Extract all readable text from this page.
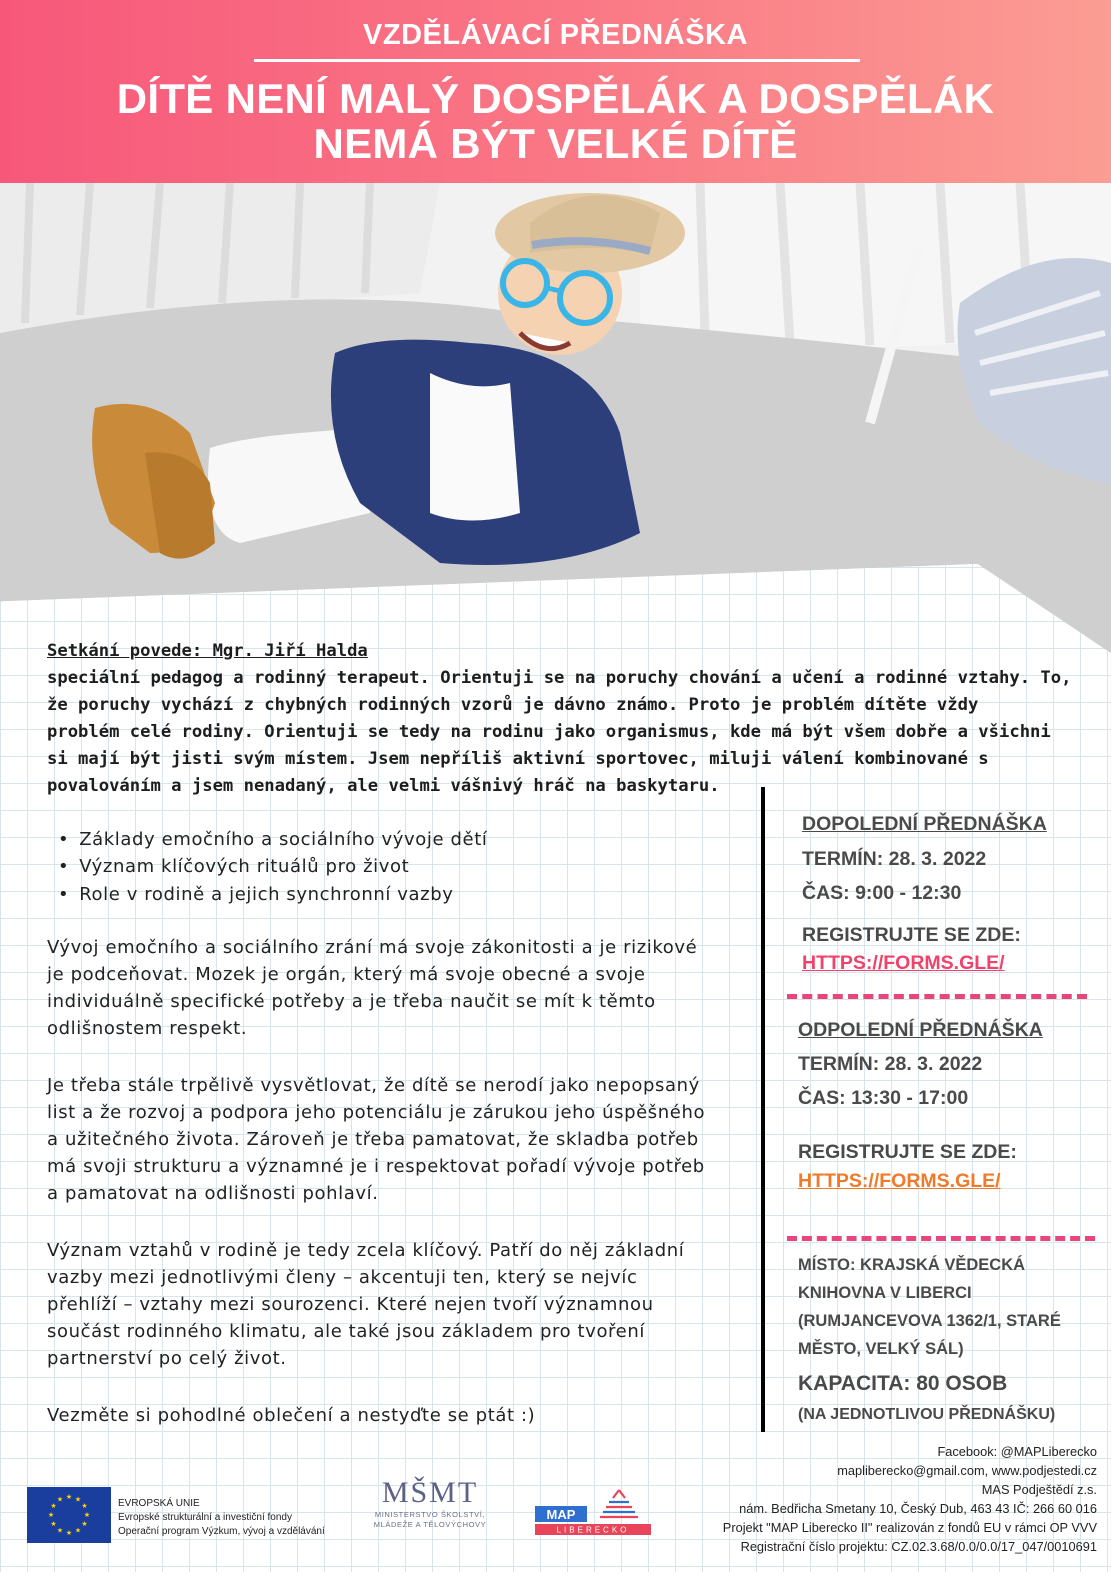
VZDĚLÁVACÍ PŘEDNÁŠKA
DÍTĚ NENÍ MALÝ DOSPĚLÁK A DOSPĚLÁK
NEMÁ BÝT VELKÉ DÍTĚ
Setkání povede: Mgr. Jiří Halda
speciální pedagog a rodinný terapeut. Orientuji se na poruchy chování a učení a rodinné vztahy. To,
že poruchy vychází z chybných rodinných vzorů je dávno známo. Proto je problém dítěte vždy
problém celé rodiny. Orientuji se tedy na rodinu jako organismus, kde má být všem dobře a všichni
si mají být jisti svým místem. Jsem nepříliš aktivní sportovec, miluji válení kombinované s
povalováním a jsem nenadaný, ale velmi vášnivý hráč na baskytaru.
• Základy emočního a sociálního vývoje dětí
• Význam klíčových rituálů pro život
• Role v rodině a jejich synchronní vazby
Vývoj emočního a sociálního zrání má svoje zákonitosti a je rizikové
je podceňovat. Mozek je orgán, který má svoje obecné a svoje
individuálně specifické potřeby a je třeba naučit se mít k těmto
odlišnostem respekt.
Je třeba stále trpělivě vysvětlovat, že dítě se nerodí jako nepopsaný
list a že rozvoj a podpora jeho potenciálu je zárukou jeho úspěšného
a užitečného života. Zároveň je třeba pamatovat, že skladba potřeb
má svoji strukturu a významné je i respektovat pořadí vývoje potřeb
a pamatovat na odlišnosti pohlaví.
Význam vztahů v rodině je tedy zcela klíčový. Patří do něj základní
vazby mezi jednotlivými členy – akcentuji ten, který se nejvíc
přehlíží – vztahy mezi sourozenci. Které nejen tvoří významnou
součást rodinného klimatu, ale také jsou základem pro tvoření
partnerství po celý život.
Vezměte si pohodlné oblečení a nestyďte se ptát :)
DOPOLEDNÍ PŘEDNÁŠKA
TERMÍN: 28. 3. 2022
ČAS: 9:00 - 12:30
REGISTRUJTE SE ZDE:
HTTPS://FORMS.GLE/
ODPOLEDNÍ PŘEDNÁŠKA
TERMÍN: 28. 3. 2022
ČAS: 13:30 - 17:00
REGISTRUJTE SE ZDE:
HTTPS://FORMS.GLE/
MÍSTO: KRAJSKÁ VĚDECKÁ
KNIHOVNA V LIBERCI
(RUMJANCEVOVA 1362/1, STARÉ
MĚSTO, VELKÝ SÁL)
KAPACITA: 80 OSOB
(NA JEDNOTLIVOU PŘEDNÁŠKU)
★ ★
★
★
★
★
★
★
★
★
★
★	EVROPSKÁ UNIE
Evropské strukturální a investiční fondy
Operační program Výzkum, vývoj a vzdělávání
MŠMT
MINISTERSTVO ŠKOLSTVÍ,
MLÁDEŽE A TĚLOVÝCHOVY
MAP
LIBERECKO
Facebook: @MAPLiberecko
mapliberecko@gmail.com, www.podjestedi.cz
MAS Podještědí z.s.
nám. Bedřicha Smetany 10, Český Dub, 463 43 IČ: 266 60 016
Projekt "MAP Liberecko II" realizován z fondů EU v rámci OP VVV
Registrační číslo projektu: CZ.02.3.68/0.0/0.0/17_047/0010691
